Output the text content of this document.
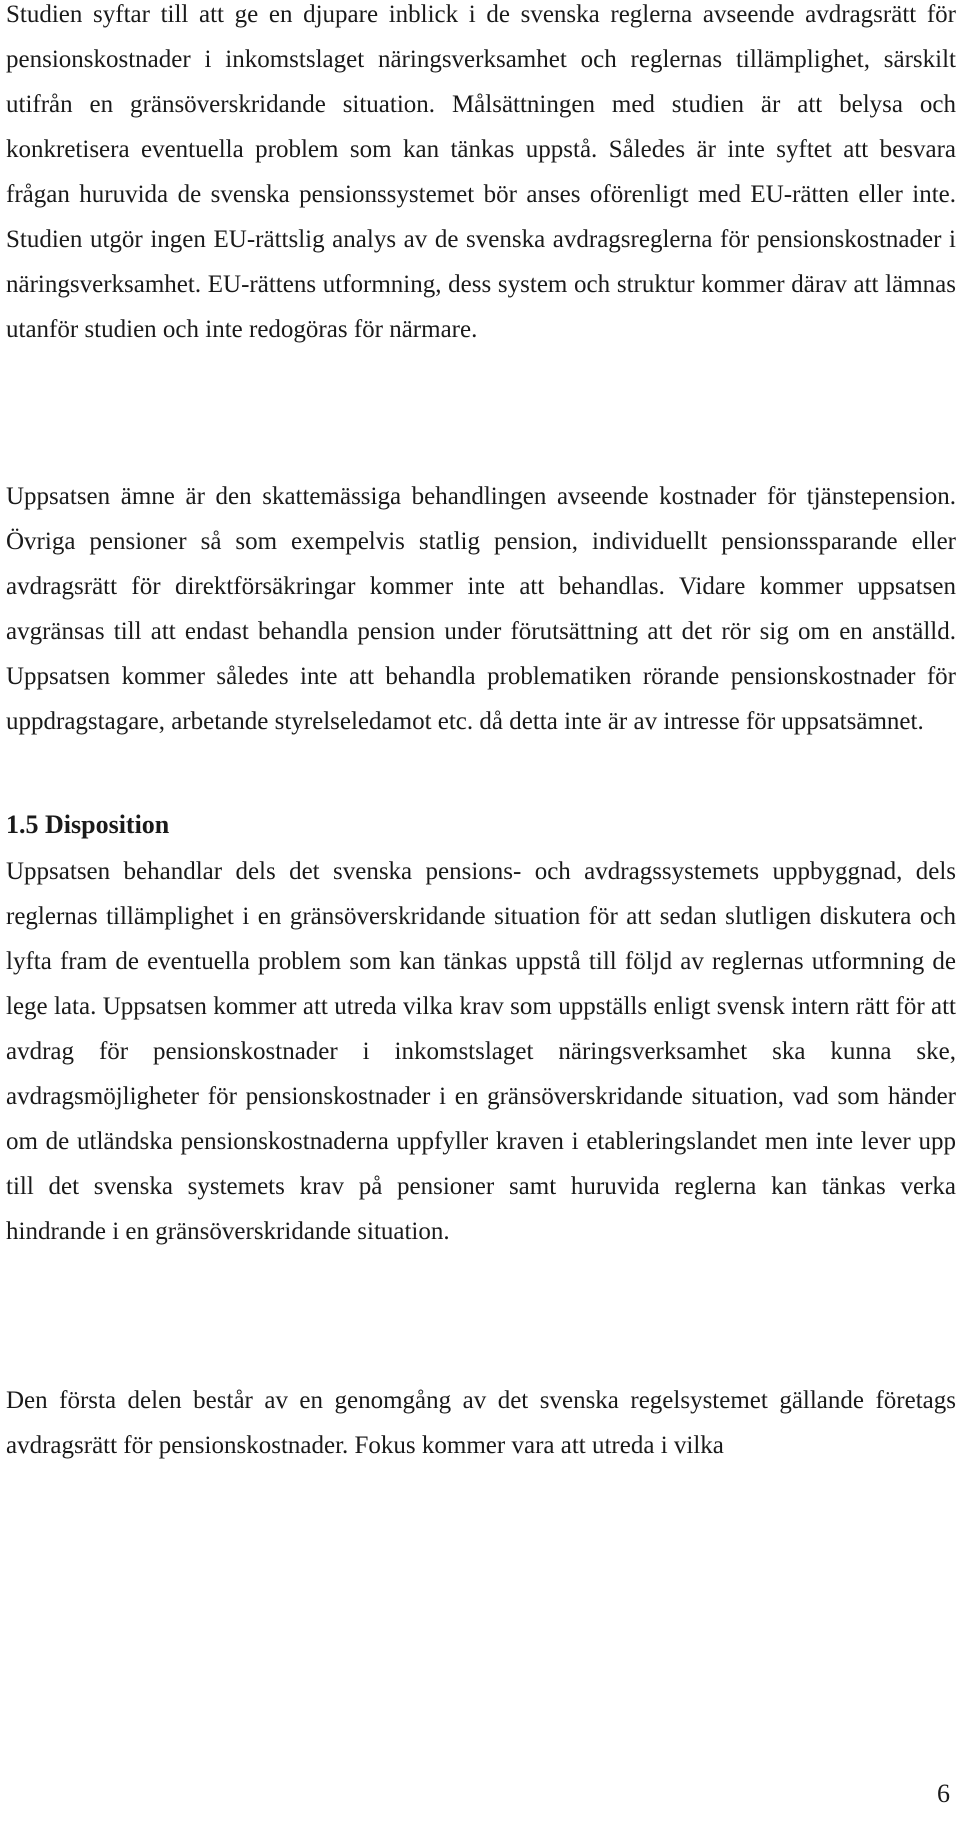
Studien syftar till att ge en djupare inblick i de svenska reglerna avseende avdragsrätt för pensionskostnader i inkomstslaget näringsverksamhet och reglernas tillämplighet, särskilt utifrån en gränsöverskridande situation. Målsättningen med studien är att belysa och konkretisera eventuella problem som kan tänkas uppstå. Således är inte syftet att besvara frågan huruvida de svenska pensionssystemet bör anses oförenligt med EU-rätten eller inte. Studien utgör ingen EU-rättslig analys av de svenska avdragsreglerna för pensionskostnader i näringsverksamhet. EU-rättens utformning, dess system och struktur kommer därav att lämnas utanför studien och inte redogöras för närmare.

Uppsatsen ämne är den skattemässiga behandlingen avseende kostnader för tjänstepension. Övriga pensioner så som exempelvis statlig pension, individuellt pensionssparande eller avdragsrätt för direktförsäkringar kommer inte att behandlas. Vidare kommer uppsatsen avgränsas till att endast behandla pension under förutsättning att det rör sig om en anställd. Uppsatsen kommer således inte att behandla problematiken rörande pensionskostnader för uppdragstagare, arbetande styrelseledamot etc. då detta inte är av intresse för uppsatsämnet.

1.5 Disposition

Uppsatsen behandlar dels det svenska pensions- och avdragssystemets uppbyggnad, dels reglernas tillämplighet i en gränsöverskridande situation för att sedan slutligen diskutera och lyfta fram de eventuella problem som kan tänkas uppstå till följd av reglernas utformning de lege lata. Uppsatsen kommer att utreda vilka krav som uppställs enligt svensk intern rätt för att avdrag för pensionskostnader i inkomstslaget näringsverksamhet ska kunna ske, avdragsmöjligheter för pensionskostnader i en gränsöverskridande situation, vad som händer om de utländska pensionskostnaderna uppfyller kraven i etableringslandet men inte lever upp till det svenska systemets krav på pensioner samt huruvida reglerna kan tänkas verka hindrande i en gränsöverskridande situation.

Den första delen består av en genomgång av det svenska regelsystemet gällande företags avdragsrätt för pensionskostnader. Fokus kommer vara att utreda i vilka

6
